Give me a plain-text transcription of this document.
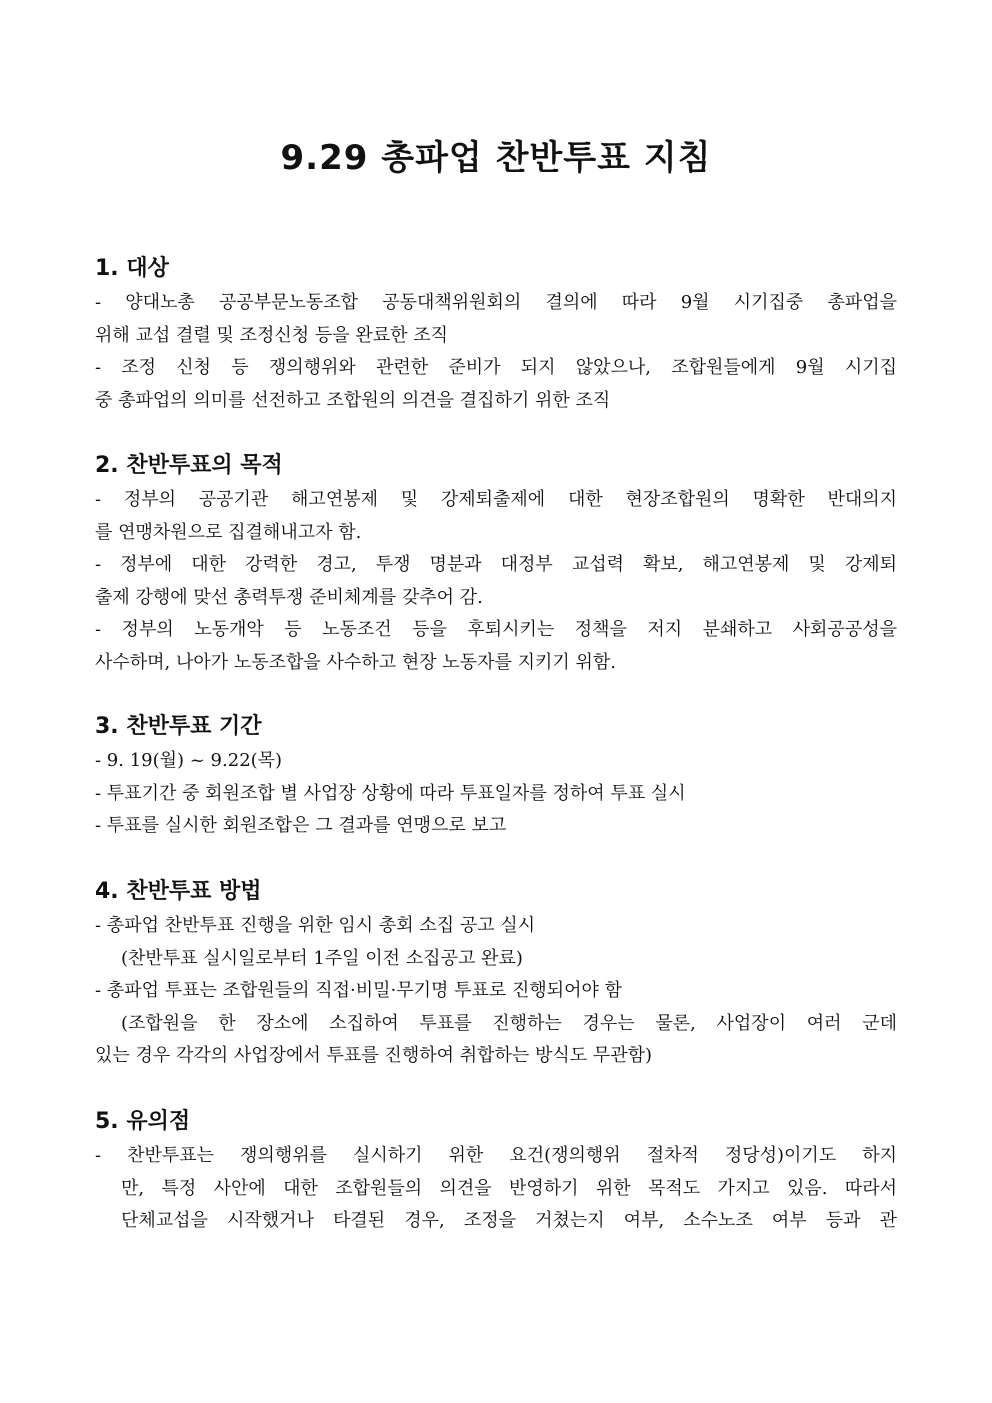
9.29 총파업 찬반투표 지침
1. 대상

- 양대노총 공공부문노동조합 공동대책위원회의 결의에 따라 9월 시기집중 총파업을

위해 교섭 결렬 및 조정신청 등을 완료한 조직

- 조정 신청 등 쟁의행위와 관련한 준비가 되지 않았으나, 조합원들에게 9월 시기집

중 총파업의 의미를 선전하고 조합원의 의견을 결집하기 위한 조직

2. 찬반투표의 목적

- 정부의 공공기관 해고연봉제 및 강제퇴출제에 대한 현장조합원의 명확한 반대의지

를 연맹차원으로 집결해내고자 함.

- 정부에 대한 강력한 경고, 투쟁 명분과 대정부 교섭력 확보, 해고연봉제 및 강제퇴

출제 강행에 맞선 총력투쟁 준비체계를 갖추어 감.

- 정부의 노동개악 등 노동조건 등을 후퇴시키는 정책을 저지 분쇄하고 사회공공성을

사수하며, 나아가 노동조합을 사수하고 현장 노동자를 지키기 위함.

3. 찬반투표 기간

- 9. 19(월) ~ 9.22(목)

- 투표기간 중 회원조합 별 사업장 상황에 따라 투표일자를 정하여 투표 실시

- 투표를 실시한 회원조합은 그 결과를 연맹으로 보고

4. 찬반투표 방법

- 총파업 찬반투표 진행을 위한 임시 총회 소집 공고 실시

(찬반투표 실시일로부터 1주일 이전 소집공고 완료)

- 총파업 투표는 조합원들의 직접·비밀·무기명 투표로 진행되어야 함

(조합원을 한 장소에 소집하여 투표를 진행하는 경우는 물론, 사업장이 여러 군데

있는 경우 각각의 사업장에서 투표를 진행하여 취합하는 방식도 무관함)

5. 유의점

- 찬반투표는 쟁의행위를 실시하기 위한 요건(쟁의행위 절차적 정당성)이기도 하지

만, 특정 사안에 대한 조합원들의 의견을 반영하기 위한 목적도 가지고 있음. 따라서

단체교섭을 시작했거나 타결된 경우, 조정을 거쳤는지 여부, 소수노조 여부 등과 관
